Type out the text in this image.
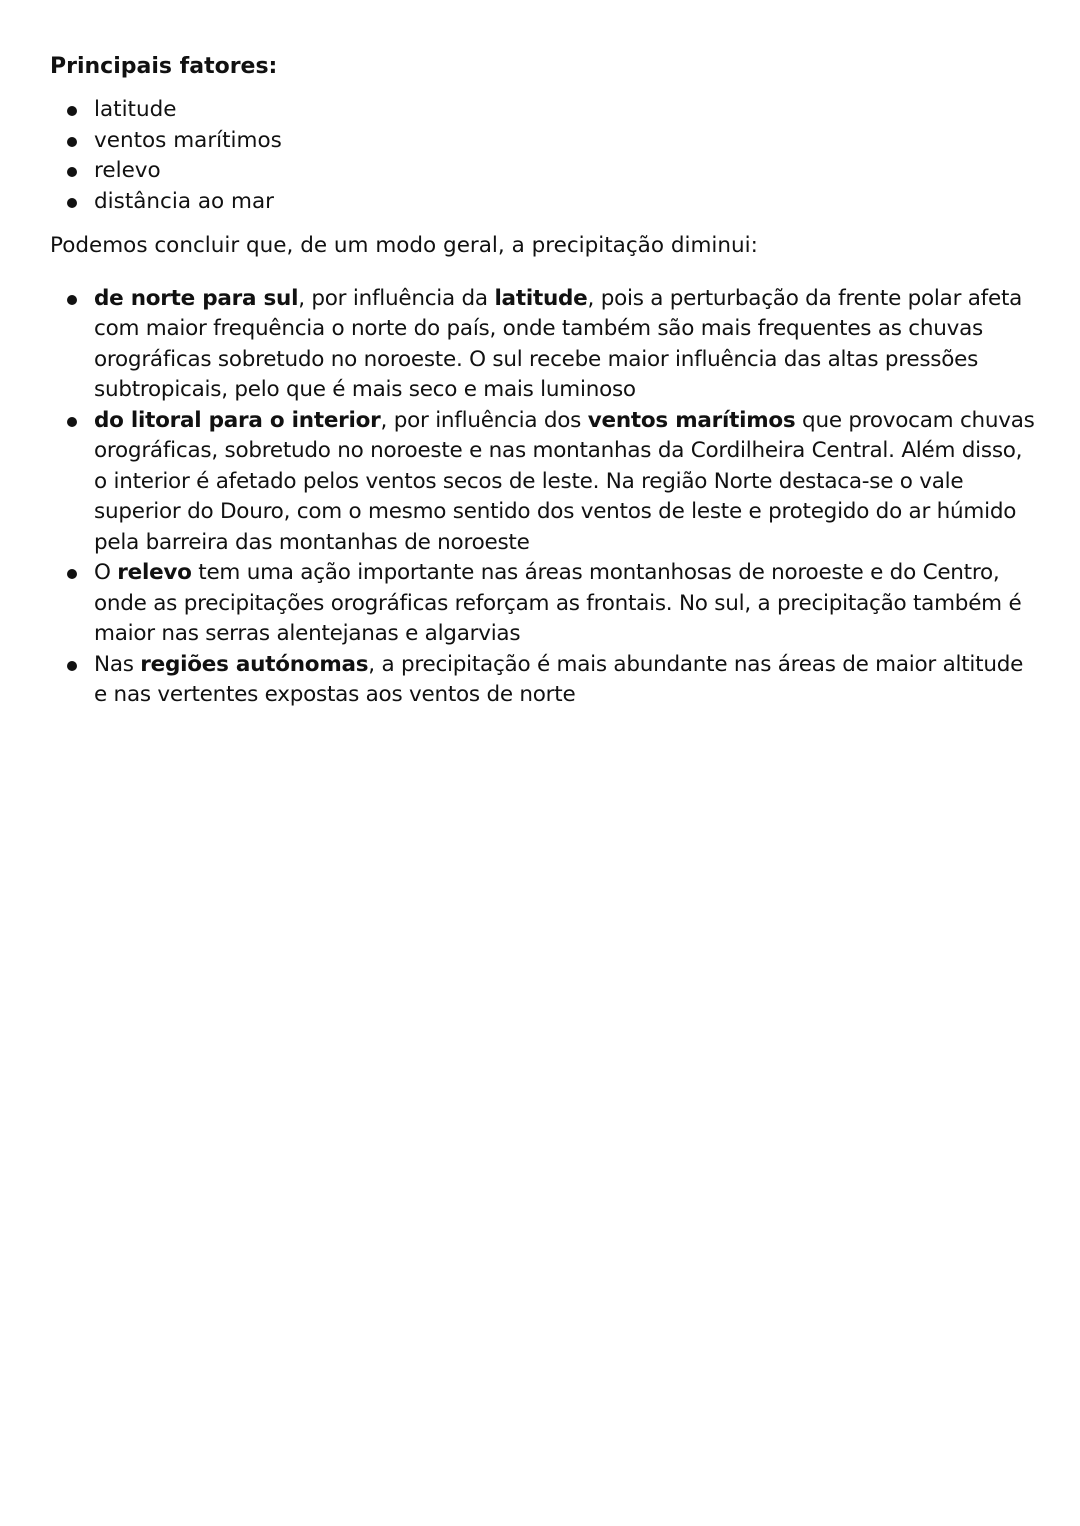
Principais fatores:
latitude
ventos marítimos
relevo
distância ao mar

Podemos concluir que, de um modo geral, a precipitação diminui:

de norte para sul, por influência da latitude, pois a perturbação da frente polar afeta com maior frequência o norte do país, onde também são mais frequentes as chuvas orográficas sobretudo no noroeste. O sul recebe maior influência das altas pressões subtropicais, pelo que é mais seco e mais luminoso
do litoral para o interior, por influência dos ventos marítimos que provocam chuvas orográficas, sobretudo no noroeste e nas montanhas da Cordilheira Central. Além disso, o interior é afetado pelos ventos secos de leste. Na região Norte destaca-se o vale superior do Douro, com o mesmo sentido dos ventos de leste e protegido do ar húmido pela barreira das montanhas de noroeste
O relevo tem uma ação importante nas áreas montanhosas de noroeste e do Centro, onde as precipitações orográficas reforçam as frontais. No sul, a precipitação também é maior nas serras alentejanas e algarvias
Nas regiões autónomas, a precipitação é mais abundante nas áreas de maior altitude e nas vertentes expostas aos ventos de norte
